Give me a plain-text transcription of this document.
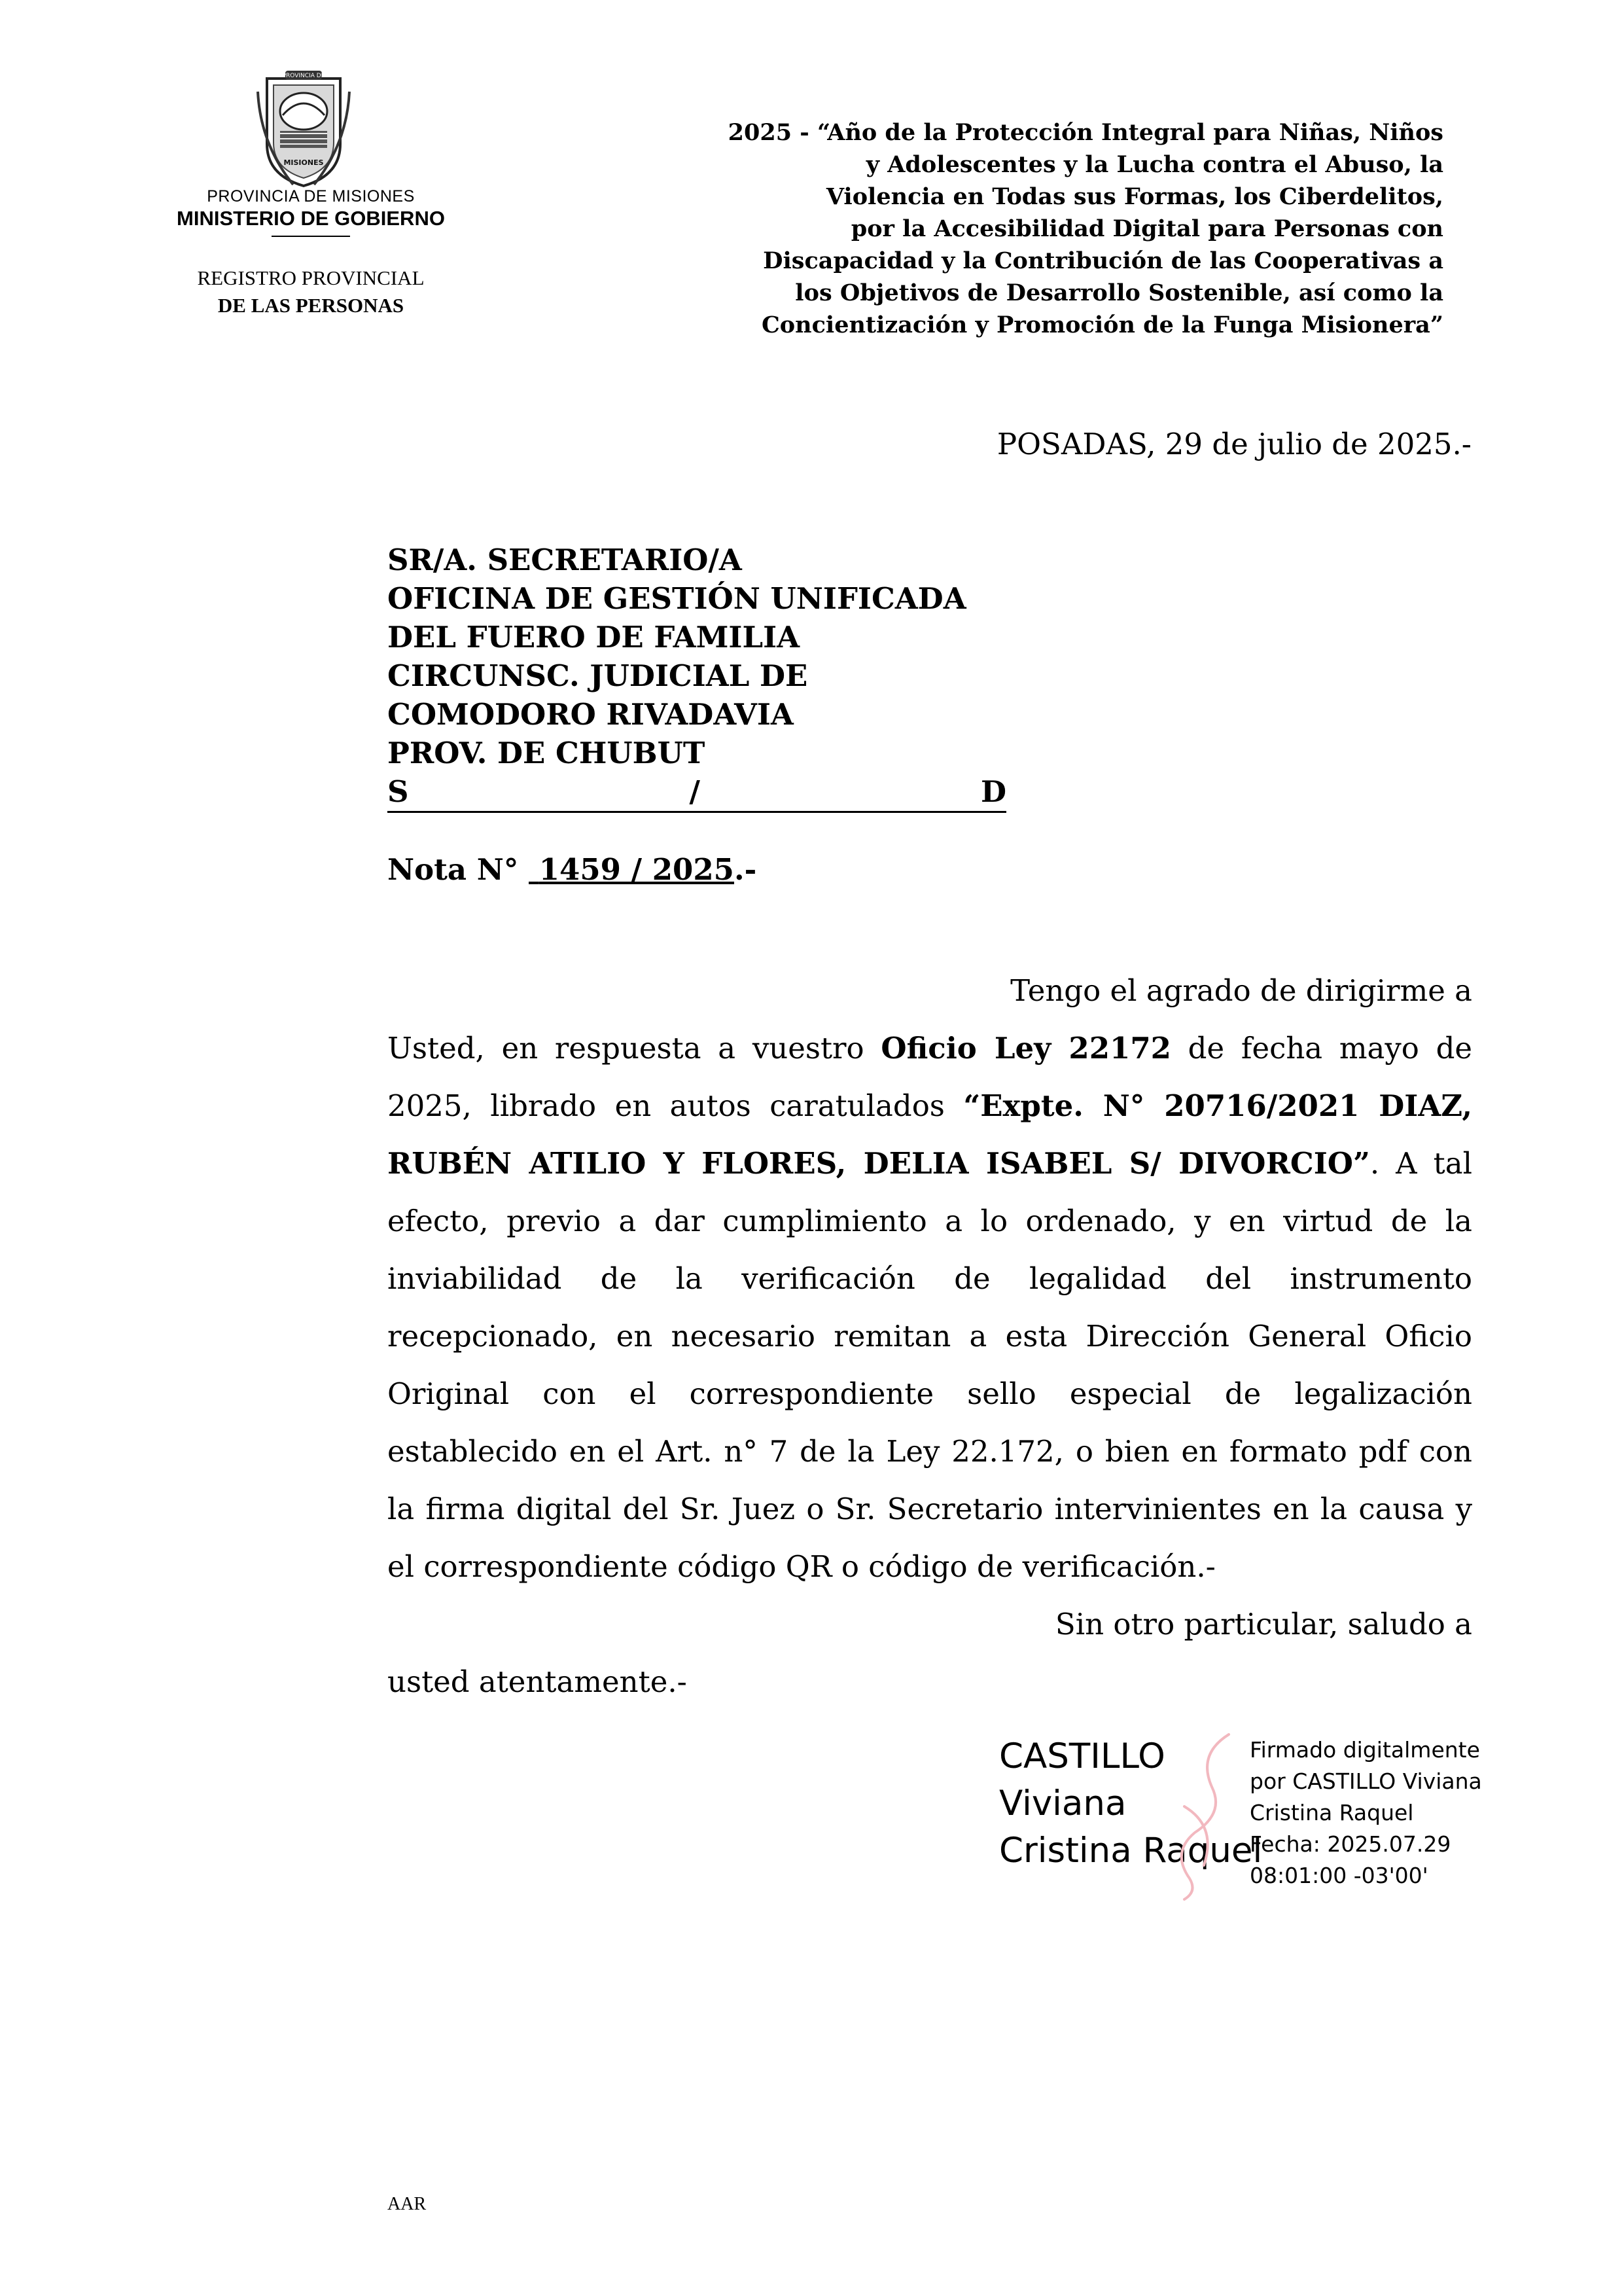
PROVINCIA DE
MISIONES
PROVINCIA DE MISIONES
MINISTERIO DE GOBIERNO
REGISTRO PROVINCIAL
DE LAS PERSONAS
2025 - “Año de la Protección Integral para Niñas, Niños
y Adolescentes y la Lucha contra el Abuso, la
Violencia en Todas sus Formas, los Ciberdelitos,
por la Accesibilidad Digital para Personas con
Discapacidad y la Contribución de las Cooperativas a
los Objetivos de Desarrollo Sostenible, así como la
Concientización y Promoción de la Funga Misionera”
POSADAS, 29 de julio de 2025.-
SR/A. SECRETARIO/A
OFICINA DE GESTIÓN UNIFICADA
DEL FUERO DE FAMILIA
CIRCUNSC. JUDICIAL DE
COMODORO RIVADAVIA
PROV. DE CHUBUT
S	/	D
Nota N° 1459 / 2025.-

Tengo el agrado de dirigirme a

Usted, en respuesta a vuestro Oficio Ley 22172 de fecha mayo de 2025, librado en autos caratulados “Expte. N° 20716/2021 DIAZ, RUBÉN ATILIO Y FLORES, DELIA ISABEL S/ DIVORCIO”. A tal efecto, previo a dar cumplimiento a lo ordenado, y en virtud de la inviabilidad de la verificación de legalidad del instrumento recepcionado, en necesario remitan a esta Dirección General Oficio Original con el correspondiente sello especial de legalización establecido en el Art. n° 7 de la Ley 22.172, o bien en formato pdf con la firma digital del Sr. Juez o Sr. Secretario intervinientes en la causa y el correspondiente código QR o código de verificación.-

Sin otro particular, saludo a

usted atentamente.-

CASTILLO
Viviana
Cristina Raquel
Firmado digitalmente
por CASTILLO Viviana
Cristina Raquel
Fecha: 2025.07.29
08:01:00 -03'00'
AAR
